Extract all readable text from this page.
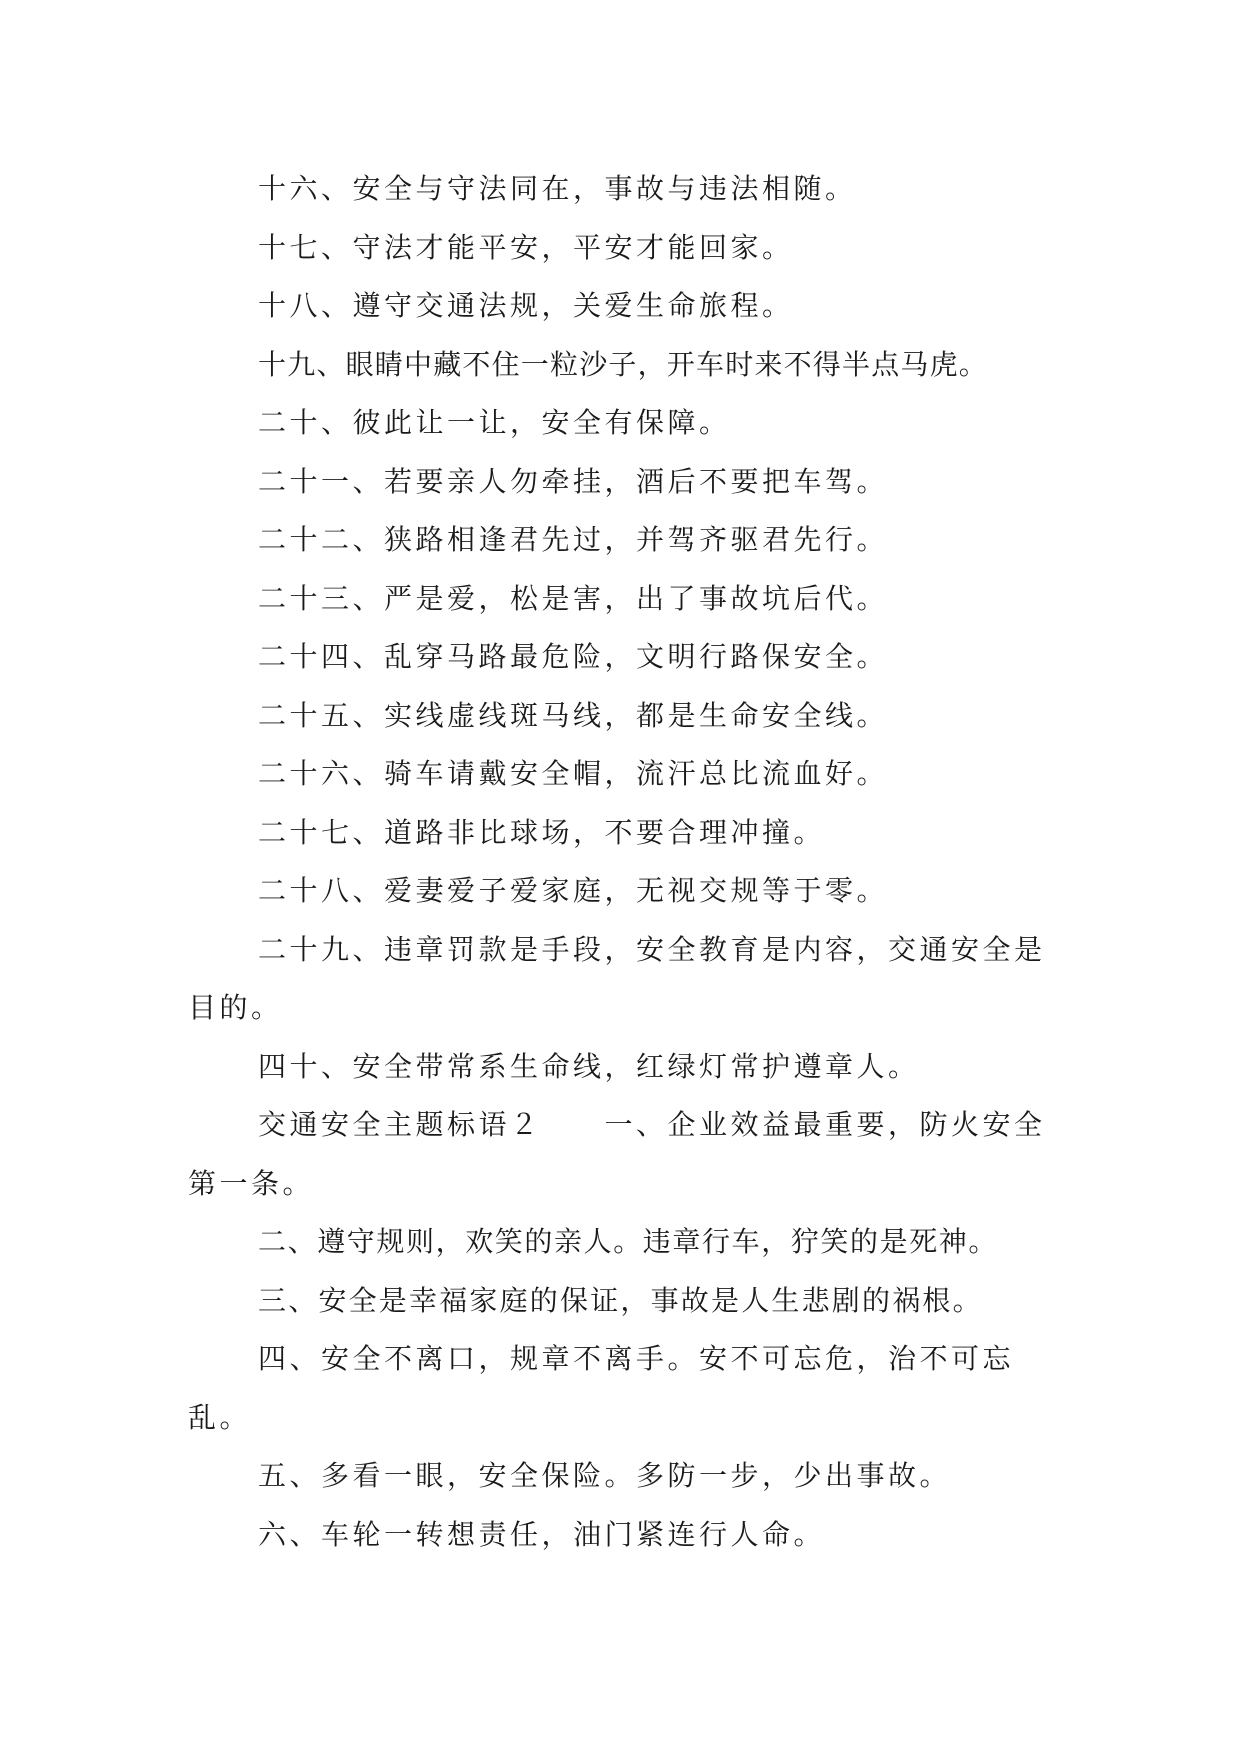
十六、安全与守法同在，事故与违法相随。

十七、守法才能平安，平安才能回家。

十八、遵守交通法规，关爱生命旅程。

十九、眼睛中藏不住一粒沙子，开车时来不得半点马虎。

二十、彼此让一让，安全有保障。

二十一、若要亲人勿牵挂，酒后不要把车驾。

二十二、狭路相逢君先过，并驾齐驱君先行。

二十三、严是爱，松是害，出了事故坑后代。

二十四、乱穿马路最危险，文明行路保安全。

二十五、实线虚线斑马线，都是生命安全线。

二十六、骑车请戴安全帽，流汗总比流血好。

二十七、道路非比球场，不要合理冲撞。

二十八、爱妻爱子爱家庭，无视交规等于零。

二十九、违章罚款是手段，安全教育是内容，交通安全是目的。

四十、安全带常系生命线，红绿灯常护遵章人。

交通安全主题标语２　　一、企业效益最重要，防火安全第一条。

二、遵守规则，欢笑的亲人。违章行车，狞笑的是死神。

三、安全是幸福家庭的保证，事故是人生悲剧的祸根。

四、安全不离口，规章不离手。安不可忘危，治不可忘乱。

五、多看一眼，安全保险。多防一步，少出事故。

六、车轮一转想责任，油门紧连行人命。
